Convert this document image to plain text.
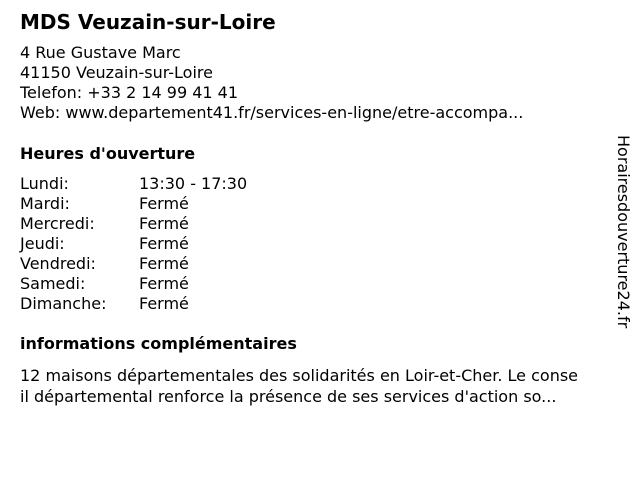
MDS Veuzain-sur-Loire
4 Rue Gustave Marc
41150 Veuzain-sur-Loire
Telefon: +33 2 14 99 41 41
Web: www.departement41.fr/services-en-ligne/etre-accompa...
Heures d'ouverture
Lundi:	13:30 - 17:30
Mardi:	Fermé
Mercredi:	Fermé
Jeudi:	Fermé
Vendredi:	Fermé
Samedi:	Fermé
Dimanche: Fermé
informations complémentaires
12 maisons départementales des solidarités en Loir-et-Cher. Le conse
il départemental renforce la présence de ses services d'action so...
Horairesdouverture24.fr
